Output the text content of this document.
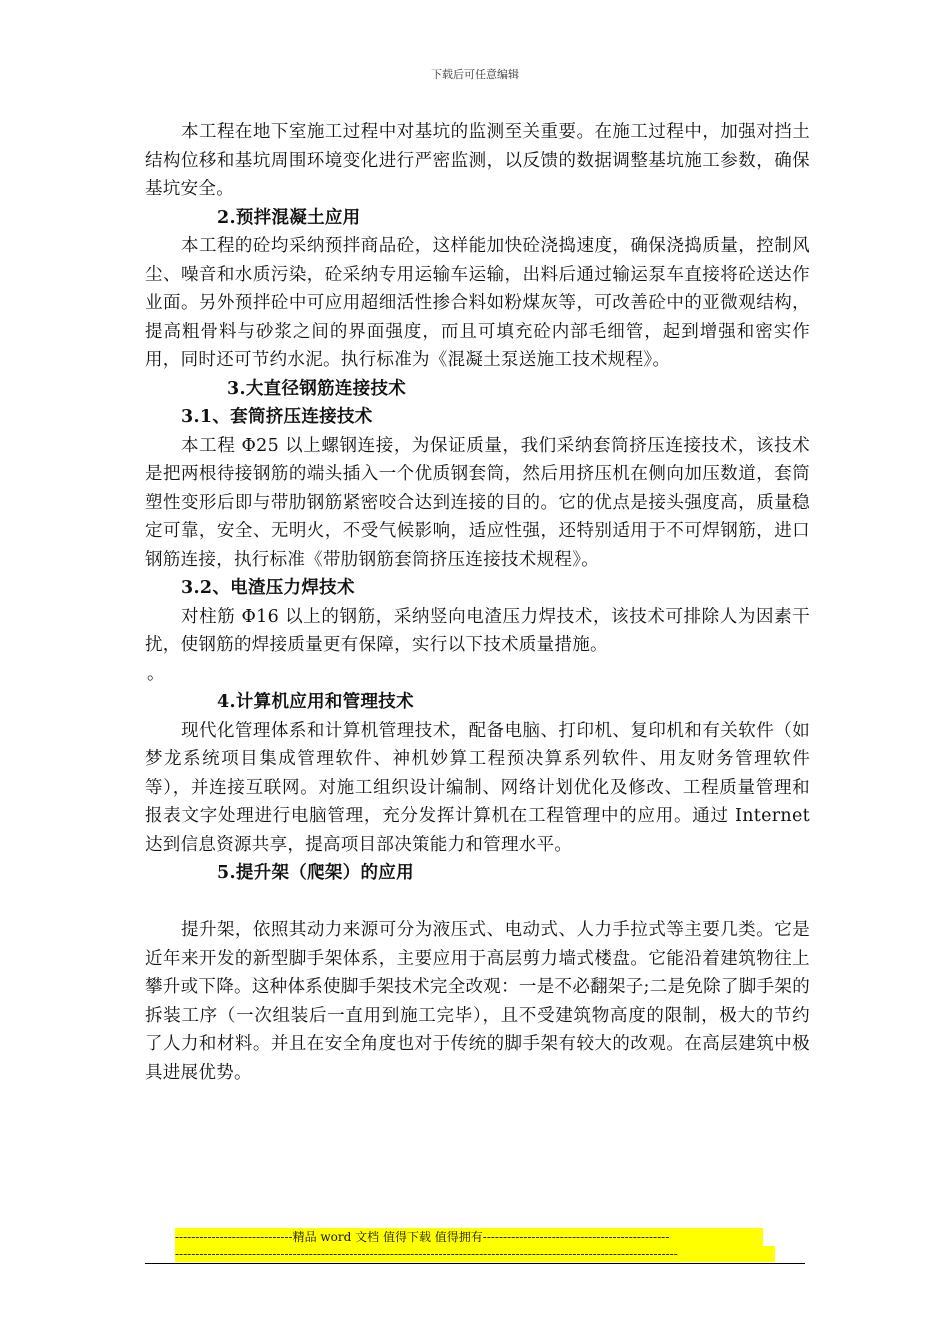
下载后可任意编辑

本工程在地下室施工过程中对基坑的监测至关重要。在施工过程中，加强对挡土结构位移和基坑周围环境变化进行严密监测，以反馈的数据调整基坑施工参数，确保基坑安全。

2.预拌混凝土应用

本工程的砼均采纳预拌商品砼，这样能加快砼浇捣速度，确保浇捣质量，控制风尘、噪音和水质污染，砼采纳专用运输车运输，出料后通过输运泵车直接将砼送达作业面。另外预拌砼中可应用超细活性掺合料如粉煤灰等，可改善砼中的亚微观结构，提高粗骨料与砂浆之间的界面强度，而且可填充砼内部毛细管，起到增强和密实作用，同时还可节约水泥。执行标准为《混凝土泵送施工技术规程》。

3.大直径钢筋连接技术

3.1、套筒挤压连接技术

本工程 Φ25 以上螺钢连接，为保证质量，我们采纳套筒挤压连接技术，该技术是把两根待接钢筋的端头插入一个优质钢套筒，然后用挤压机在侧向加压数道，套筒塑性变形后即与带肋钢筋紧密咬合达到连接的目的。它的优点是接头强度高，质量稳定可靠，安全、无明火，不受气候影响，适应性强，还特别适用于不可焊钢筋，进口钢筋连接，执行标准《带肋钢筋套筒挤压连接技术规程》。

3.2、电渣压力焊技术

对柱筋 Φ16 以上的钢筋，采纳竖向电渣压力焊技术，该技术可排除人为因素干扰，使钢筋的焊接质量更有保障，实行以下技术质量措施。

。

4.计算机应用和管理技术

现代化管理体系和计算机管理技术，配备电脑、打印机、复印机和有关软件（如梦龙系统项目集成管理软件、神机妙算工程预决算系列软件、用友财务管理软件等），并连接互联网。对施工组织设计编制、网络计划优化及修改、工程质量管理和报表文字处理进行电脑管理，充分发挥计算机在工程管理中的应用。通过 Internet 达到信息资源共享，提高项目部决策能力和管理水平。

5.提升架（爬架）的应用

提升架，依照其动力来源可分为液压式、电动式、人力手拉式等主要几类。它是近年来开发的新型脚手架体系，主要应用于高层剪力墙式楼盘。它能沿着建筑物往上攀升或下降。这种体系使脚手架技术完全改观：一是不必翻架子;二是免除了脚手架的拆装工序（一次组装后一直用到施工完毕），且不受建筑物高度的限制，极大的节约了人力和材料。并且在安全角度也对于传统的脚手架有较大的改观。在高层建筑中极具进展优势。

-----------------------------精品 word 文档 值得下载 值得拥有----------------------------------------------
----------------------------------------------------------------------------------------------------------------------------
